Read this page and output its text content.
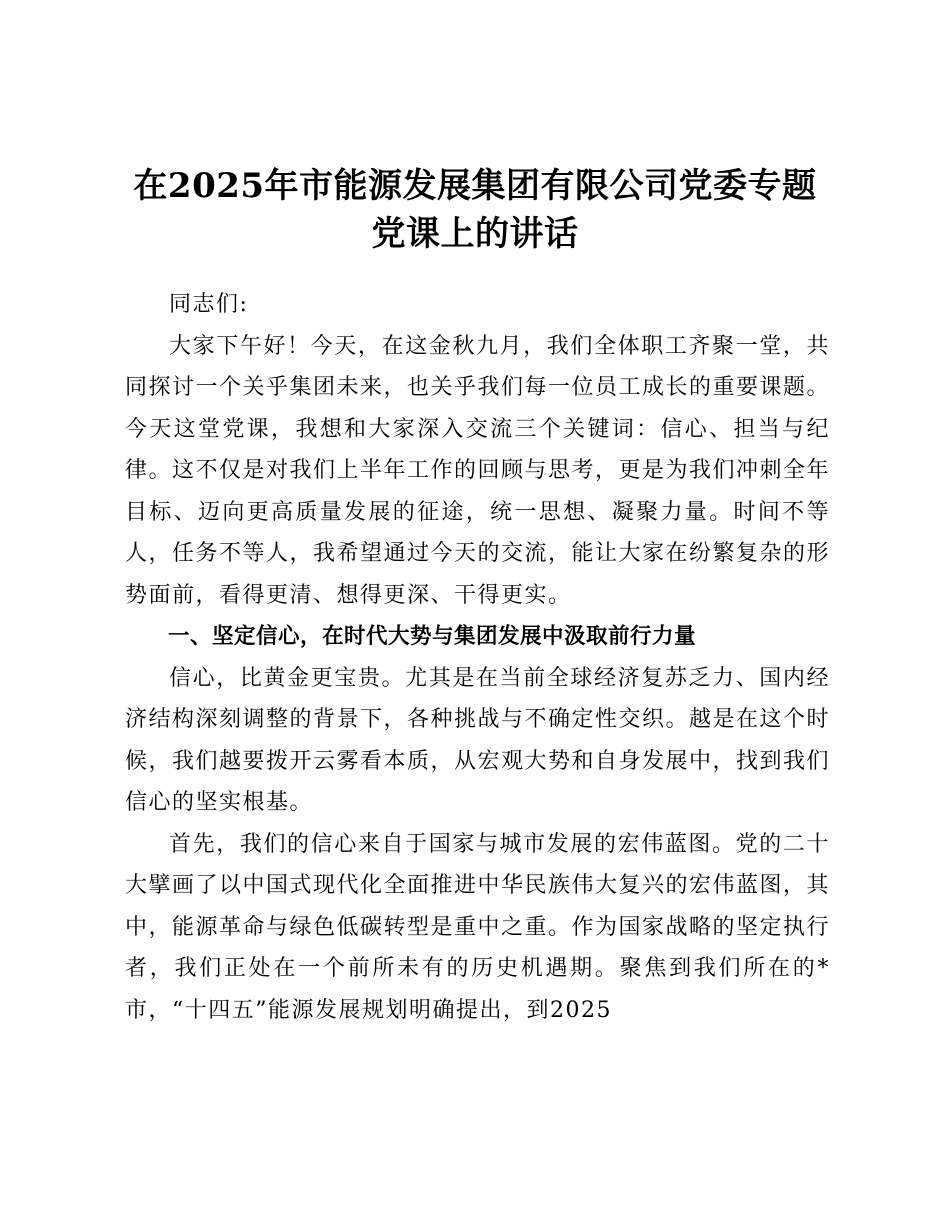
在2025年市能源发展集团有限公司党委专题党课上的讲话

同志们:

大家下午好！今天，在这金秋九月，我们全体职工齐聚一堂，共同探讨一个关乎集团未来，也关乎我们每一位员工成长的重要课题。今天这堂党课，我想和大家深入交流三个关键词：信心、担当与纪律。这不仅是对我们上半年工作的回顾与思考，更是为我们冲刺全年目标、迈向更高质量发展的征途，统一思想、凝聚力量。时间不等人，任务不等人，我希望通过今天的交流，能让大家在纷繁复杂的形势面前，看得更清、想得更深、干得更实。

一、坚定信心，在时代大势与集团发展中汲取前行力量

信心，比黄金更宝贵。尤其是在当前全球经济复苏乏力、国内经济结构深刻调整的背景下，各种挑战与不确定性交织。越是在这个时候，我们越要拨开云雾看本质，从宏观大势和自身发展中，找到我们信心的坚实根基。

首先，我们的信心来自于国家与城市发展的宏伟蓝图。党的二十大擘画了以中国式现代化全面推进中华民族伟大复兴的宏伟蓝图，其中，能源革命与绿色低碳转型是重中之重。作为国家战略的坚定执行者，我们正处在一个前所未有的历史机遇期。聚焦到我们所在的*市，“十四五”能源发展规划明确提出，到2025
